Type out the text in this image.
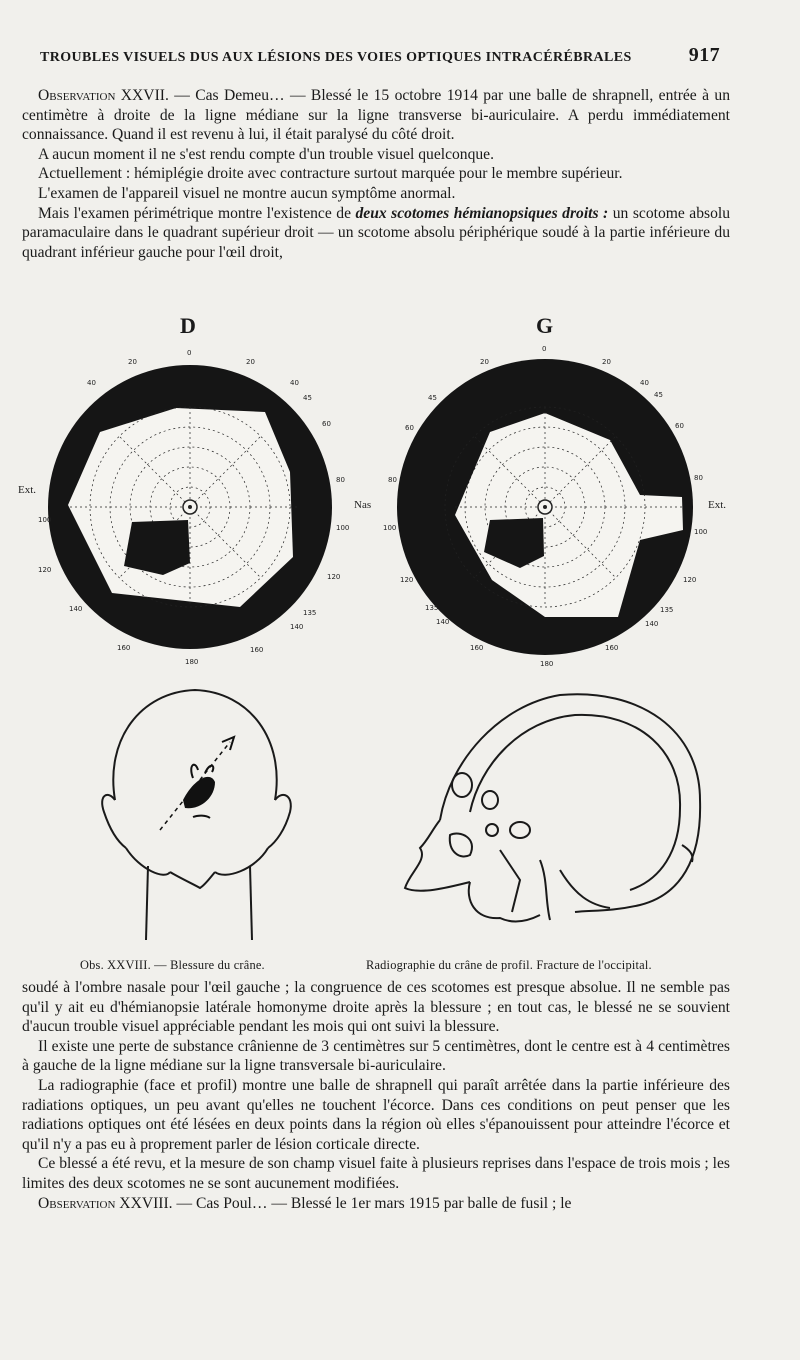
TROUBLES VISUELS DUS AUX LÉSIONS DES VOIES OPTIQUES INTRACÉRÉBRALES	917

Observation XXVII. — Cas Demeu… — Blessé le 15 octobre 1914 par une balle de shrapnell, entrée à un centimètre à droite de la ligne médiane sur la ligne transverse bi-auriculaire. A perdu immédiatement connaissance. Quand il est revenu à lui, il était paralysé du côté droit.

A aucun moment il ne s'est rendu compte d'un trouble visuel quelconque.

Actuellement : hémiplégie droite avec contracture surtout marquée pour le membre supérieur.

L'examen de l'appareil visuel ne montre aucun symptôme anormal.

Mais l'examen périmétrique montre l'existence de deux scotomes hémianopsiques droits : un scotome absolu paramaculaire dans le quadrant supérieur droit — un scotome absolu périphérique soudé à la partie inférieure du quadrant inférieur gauche pour l'œil droit,

D	G
0
20	20
40	40
45
60
80
100
100
120
120
140	135
140
160	160
180
Ext.
Nas
0
20	20
40
45
45
60	60
80	80
100	100
120	120
135	135
140	140
160	160
180
Ext.
Obs. XXVIII. — Blessure du crâne.	Radiographie du crâne de profil. Fracture de l'occipital.

soudé à l'ombre nasale pour l'œil gauche ; la congruence de ces scotomes est presque absolue. Il ne semble pas qu'il y ait eu d'hémianopsie latérale homonyme droite après la blessure ; en tout cas, le blessé ne se souvient d'aucun trouble visuel appréciable pendant les mois qui ont suivi la blessure.

Il existe une perte de substance crânienne de 3 centimètres sur 5 centimètres, dont le centre est à 4 centimètres à gauche de la ligne médiane sur la ligne transversale bi-auriculaire.

La radiographie (face et profil) montre une balle de shrapnell qui paraît arrêtée dans la partie inférieure des radiations optiques, un peu avant qu'elles ne touchent l'écorce. Dans ces conditions on peut penser que les radiations optiques ont été lésées en deux points dans la région où elles s'épanouissent pour atteindre l'écorce et qu'il n'y a pas eu à proprement parler de lésion corticale directe.

Ce blessé a été revu, et la mesure de son champ visuel faite à plusieurs reprises dans l'espace de trois mois ; les limites des deux scotomes ne se sont aucunement modifiées.

Observation XXVIII. — Cas Poul… — Blessé le 1er mars 1915 par balle de fusil ; le
